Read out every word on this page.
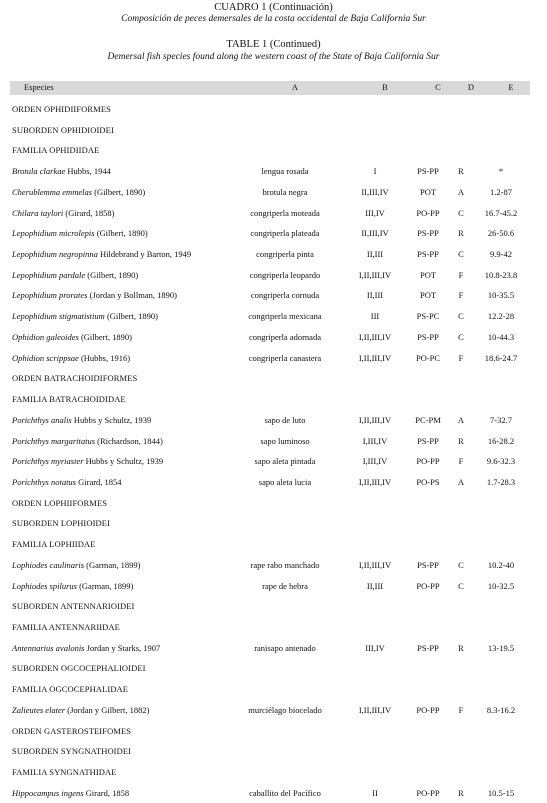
CUADRO 1 (Continuación)
Composición de peces demersales de la costa occidental de Baja California Sur
TABLE 1 (Continued)
Demersal fish species found along the western coast of the State of Baja California Sur
Especies	A	B	C	D	E
ORDEN OPHIDIIFORMES
SUBORDEN OPHIDIOIDEI
FAMILIA OPHIDIIDAE
Brotula clarkae Hubbs, 1944	lengua rosada	I	PS-PP	R	*
Cherublemma emmelas (Gilbert, 1890)	brotula negra	II,III,IV	POT	A	1.2-87
Chilara taylori (Girard, 1858)	congriperla moteada	III,IV	PO-PP	C	16.7-45.2
Lepophidium microlepis (Gilbert, 1890)	congriperla plateada	II,III,IV	PS-PP	R	26-50.6
Lepophidium negropinna Hildebrand y Barton, 1949	congriperla pinta	II,III	PS-PP	C	9.9-42
Lepophidium pardale (Gilbert, 1890)	congriperla leopardo	I,II,III,IV	POT	F	10.8-23.8
Lepophidium prorates (Jordan y Bollman, 1890)	congriperla cornuda	II,III	POT	F	10-35.5
Lepophidium stigmatistium (Gilbert, 1890)	congriperla mexicana	III	PS-PC	C	12.2-28
Ophidion galeoides (Gilbert, 1890)	congriperla adornada	I,II,III,IV	PS-PP	C	10-44.3
Ophidion scrippsae (Hubbs, 1916)	congriperla canastera	I,II,III,IV	PO-PC	F	18.6-24.7
ORDEN BATRACHOIDIFORMES
FAMILIA BATRACHOIDIDAE
Porichthys analis Hubbs y Schultz, 1939	sapo de luto	I,II,III,IV	PC-PM	A	7-32.7
Porichthys margaritatus (Richardson, 1844)	sapo luminoso	I,III,IV	PS-PP	R	16-28.2
Porichthys myriaster Hubbs y Schultz, 1939	sapo aleta pintada	I,III,IV	PO-PP	F	9.6-32.3
Porichthys notatus Girard, 1854	sapo aleta lucia	I,II,III,IV	PO-PS	A	1.7-28.3
ORDEN LOPHIIFORMES
SUBORDEN LOPHIOIDEI
FAMILIA LOPHIIDAE
Lophiodes caulinaris (Garman, 1899)	rape rabo manchado	I,II,III,IV	PS-PP	C	10.2-40
Lophiodes spilurus (Garman, 1899)	rape de hebra	II,III	PO-PP	C	10-32.5
SUBORDEN ANTENNARIOIDEI
FAMILIA ANTENNARIIDAE
Antennarius avalonis Jordan y Starks, 1907	ranisapo antenado	III,IV	PS-PP	R	13-19.5
SUBORDEN OGCOCEPHALIOIDEI
FAMILIA OGCOCEPHALIDAE
Zalieutes elater (Jordan y Gilbert, 1882)	murciélago biocelado	I,II,III,IV	PO-PP	F	8.3-16.2
ORDEN GASTEROSTEIFOMES
SUBORDEN SYNGNATHOIDEI
FAMILIA SYNGNATHIDAE
Hippocampus ingens Girard, 1858	caballito del Pacífico	II	PO-PP	R	10.5-15
